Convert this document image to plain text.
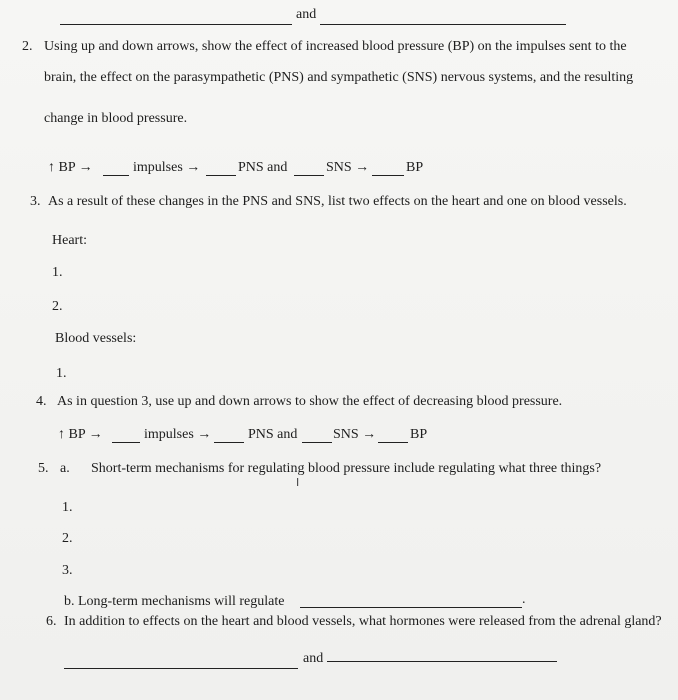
and
2. Using up and down arrows, show the effect of increased blood pressure (BP) on the impulses sent to the
brain, the effect on the parasympathetic (PNS) and sympathetic (SNS) nervous systems, and the resulting
change in blood pressure.
↑ BP →	impulses →	PNS and	SNS →	BP
3. As a result of these changes in the PNS and SNS, list two effects on the heart and one on blood vessels.
Heart:
1.
2.
Blood vessels:
1.
4. As in question 3, use up and down arrows to show the effect of decreasing blood pressure.
↑ BP →	impulses →	PNS and	SNS → BP
5. a. Short-term mechanisms for regulating blood pressure include regulating what three things?
I
1.
2.
3.
b. Long-term mechanisms will regulate	.
6. In addition to effects on the heart and blood vessels, what hormones were released from the adrenal gland?
and
